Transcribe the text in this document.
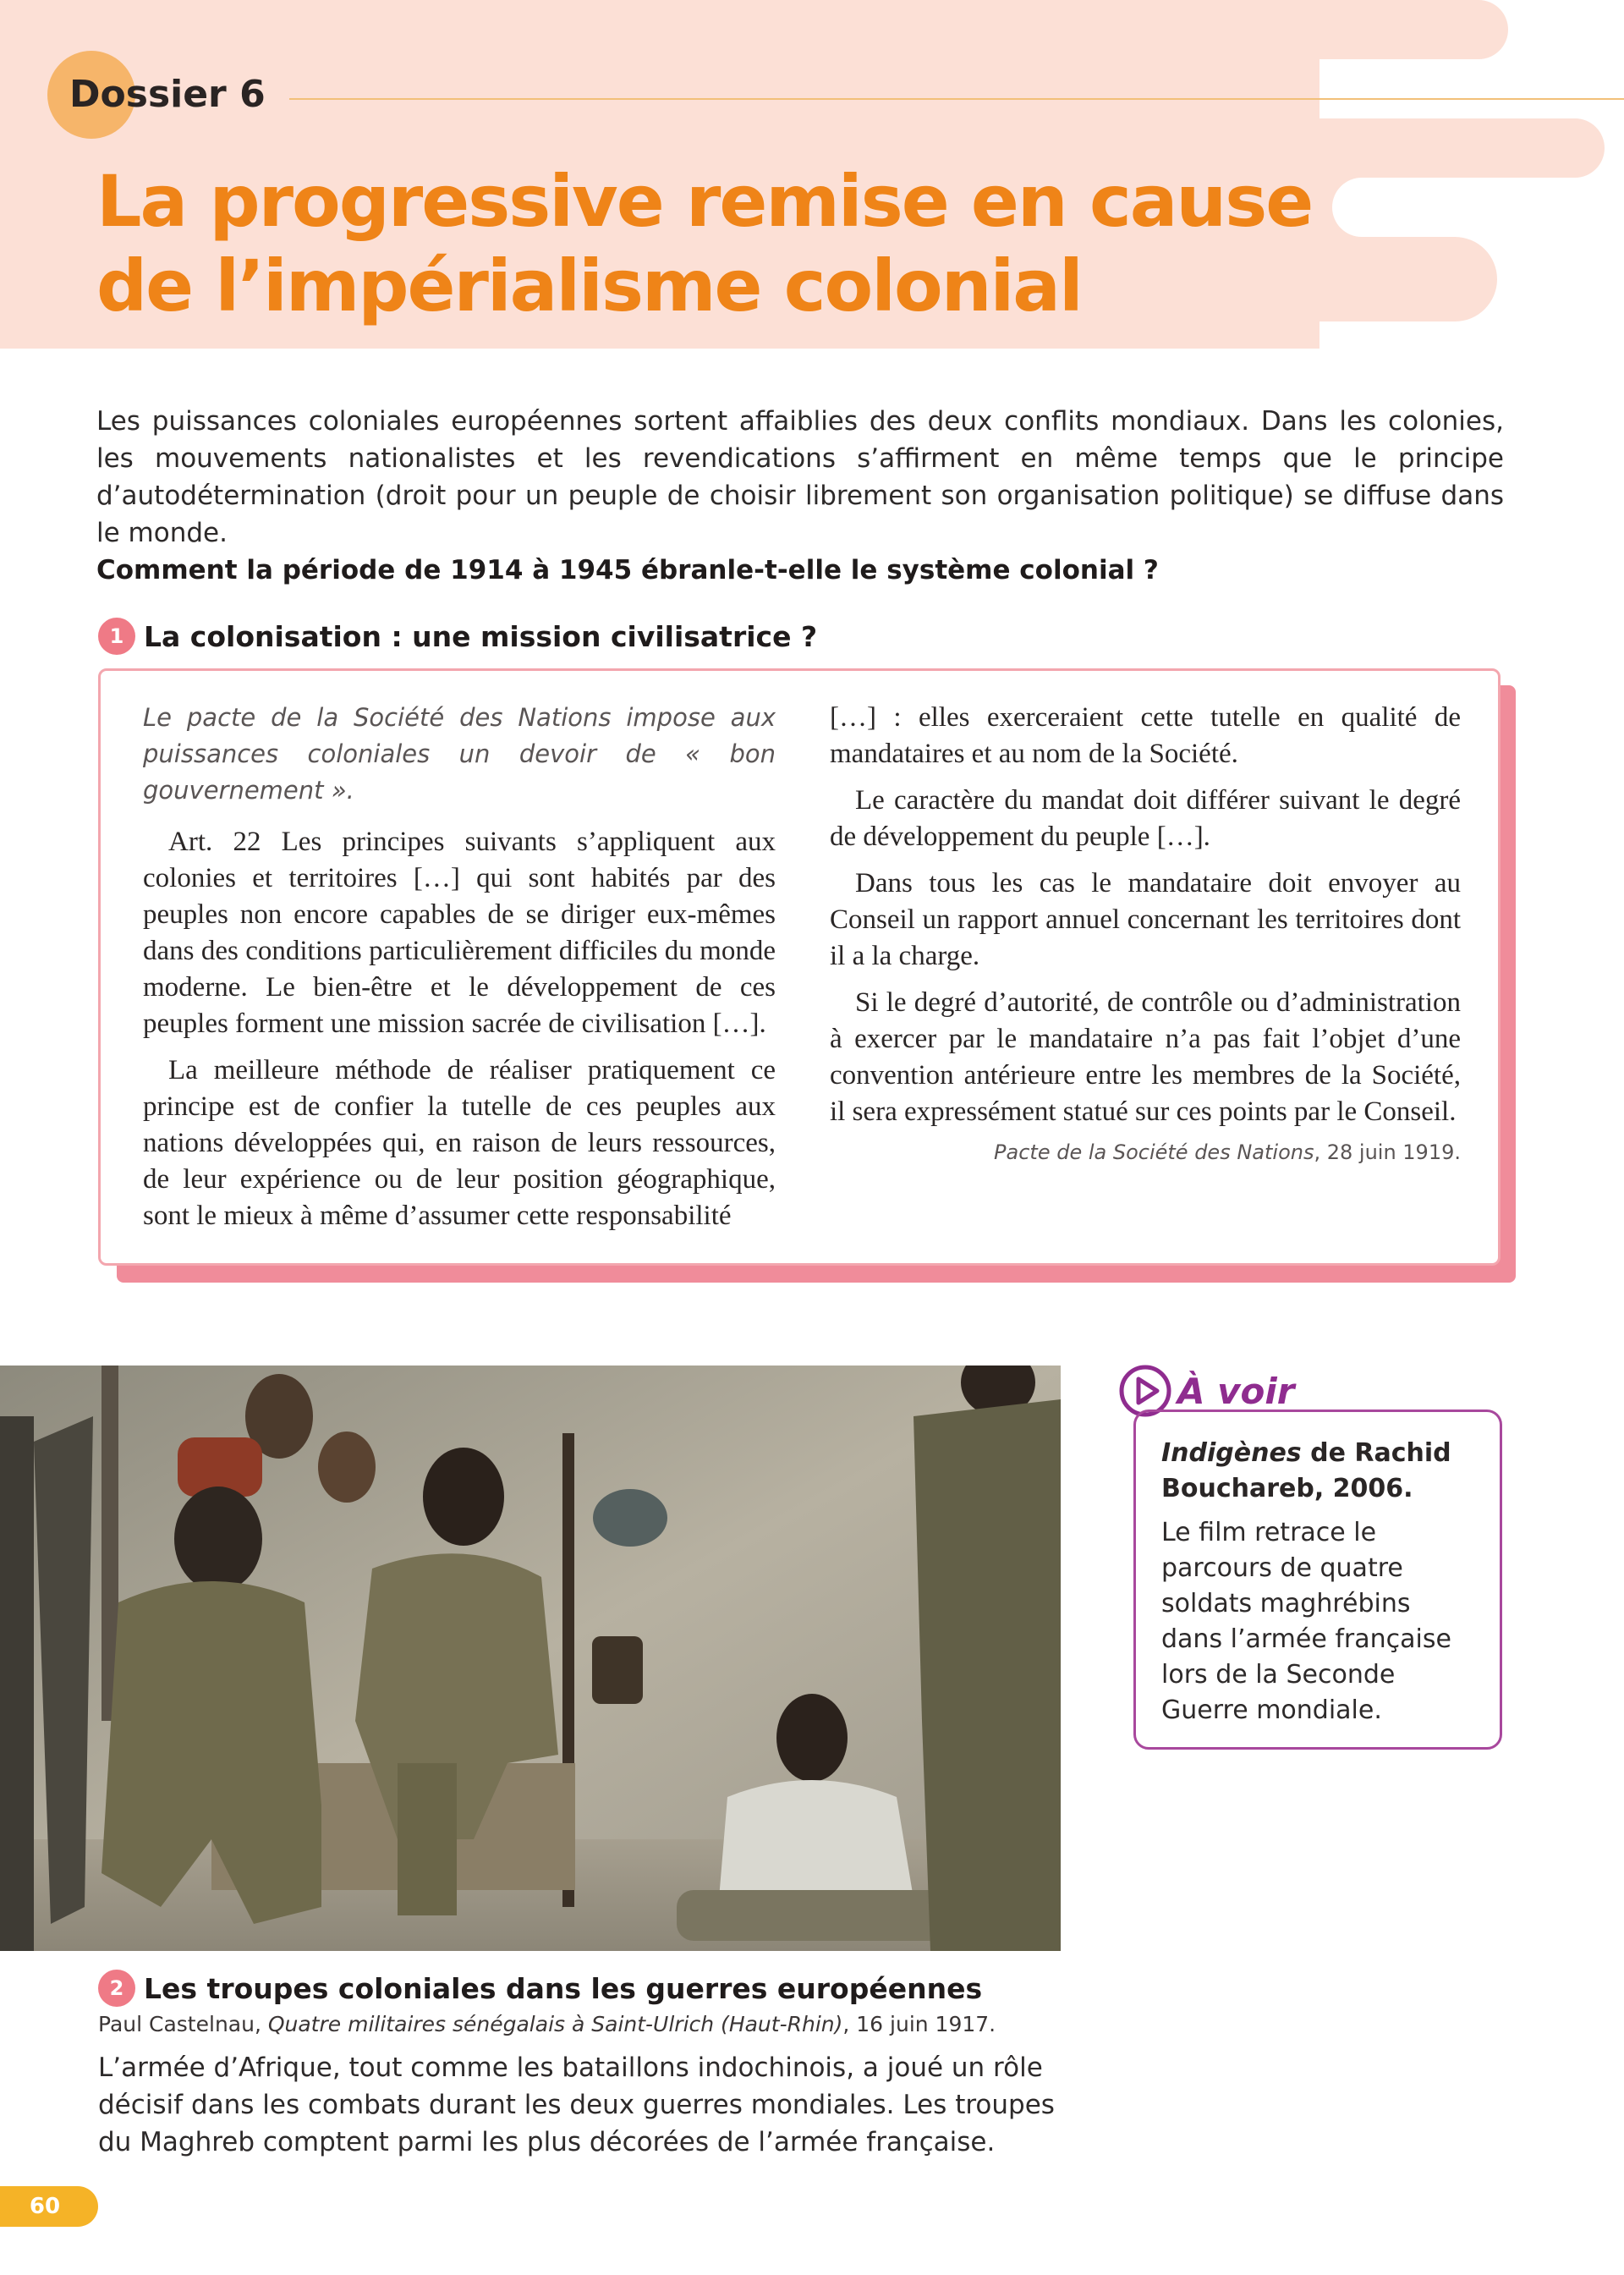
Dossier 6
La progressive remise en cause
de l’impérialisme colonial

Les puissances coloniales européennes sortent affaiblies des deux conflits mondiaux. Dans les colonies, les mouvements nationalistes et les revendications s’affirment en même temps que le principe d’autodétermination (droit pour un peuple de choisir librement son organisation politique) se diffuse dans le monde.
Comment la période de 1914 à 1945 ébranle-t-elle le système colonial ?

1 La colonisation : une mission civilisatrice ?

Le pacte de la Société des Nations impose aux puissances coloniales un devoir de « bon gouvernement ».

Art. 22 Les principes suivants s’appliquent aux colonies et territoires […] qui sont habités par des peuples non encore capables de se diriger eux-mêmes dans des conditions particulièrement difficiles du monde moderne. Le bien-être et le développement de ces peuples forment une mission sacrée de civilisation […].

La meilleure méthode de réaliser pratiquement ce principe est de confier la tutelle de ces peuples aux nations développées qui, en raison de leurs ressources, de leur expérience ou de leur position géographique, sont le mieux à même d’assumer cette responsabilité

[…] : elles exerceraient cette tutelle en qualité de mandataires et au nom de la Société.

Le caractère du mandat doit différer suivant le degré de développement du peuple […].

Dans tous les cas le mandataire doit envoyer au Conseil un rapport annuel concernant les territoires dont il a la charge.

Si le degré d’autorité, de contrôle ou d’administration à exercer par le mandataire n’a pas fait l’objet d’une convention antérieure entre les membres de la Société, il sera expressément statué sur ces points par le Conseil.

Pacte de la Société des Nations, 28 juin 1919.
À voir

Indigènes de Rachid Bouchareb, 2006.

Le film retrace le parcours de quatre soldats maghrébins dans l’armée française lors de la Seconde Guerre mondiale.

2 Les troupes coloniales dans les guerres européennes
Paul Castelnau, Quatre militaires sénégalais à Saint-Ulrich (Haut-Rhin), 16 juin 1917.

L’armée d’Afrique, tout comme les bataillons indochinois, a joué un rôle décisif dans les combats durant les deux guerres mondiales. Les troupes du Maghreb comptent parmi les plus décorées de l’armée française.

60
